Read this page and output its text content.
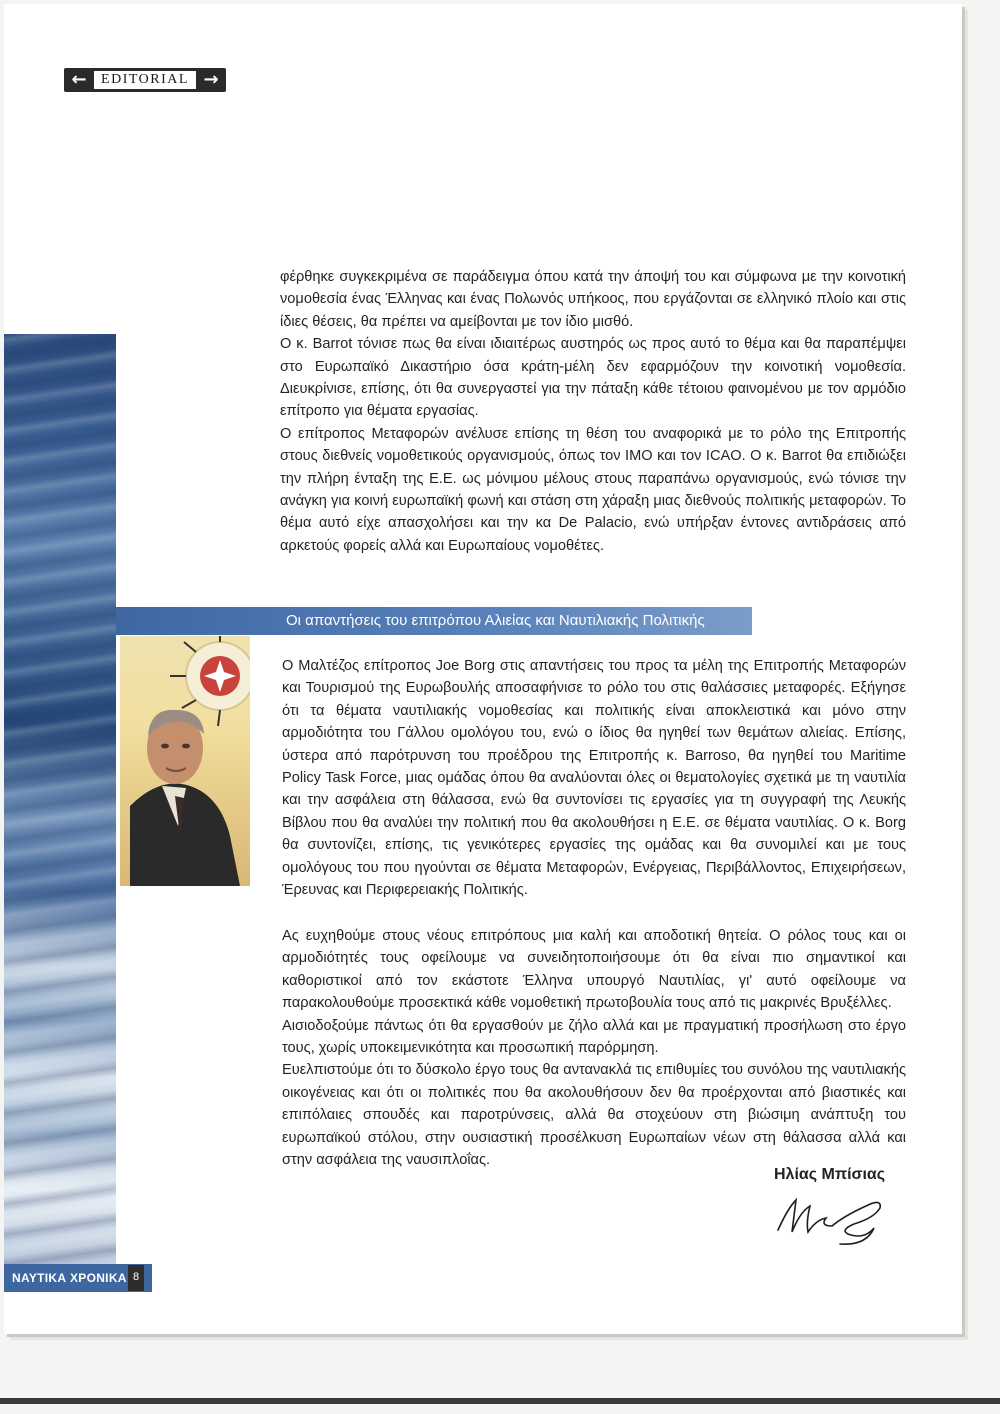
←	EDITORIAL →

φέρθηκε συγκεκριμένα σε παράδειγμα όπου κατά την άποψή του και σύμφωνα με την κοινοτική νομοθεσία ένας Έλληνας και ένας Πολωνός υπήκοος, που εργάζονται σε ελληνικό πλοίο και στις ίδιες θέσεις, θα πρέπει να αμείβονται με τον ίδιο μισθό.

Ο κ. Barrot τόνισε πως θα είναι ιδιαιτέρως αυστηρός ως προς αυτό το θέμα και θα παραπέμψει στο Ευρωπαϊκό Δικαστήριο όσα κράτη-μέλη δεν εφαρμόζουν την κοινοτική νομοθεσία. Διευκρίνισε, επίσης, ότι θα συνεργαστεί για την πάταξη κάθε τέτοιου φαινομένου με τον αρμόδιο επίτροπο για θέματα εργασίας.

Ο επίτροπος Μεταφορών ανέλυσε επίσης τη θέση του αναφορικά με το ρόλο της Επιτροπής στους διεθνείς νομοθετικούς οργανισμούς, όπως τον IMO και τον ICAO. Ο κ. Barrot θα επιδιώξει την πλήρη ένταξη της Ε.Ε. ως μόνιμου μέλους στους παραπάνω οργανισμούς, ενώ τόνισε την ανάγκη για κοινή ευρωπαϊκή φωνή και στάση στη χάραξη μιας διεθνούς πολιτικής μεταφορών. Το θέμα αυτό είχε απασχολήσει και την κα De Palacio, ενώ υπήρξαν έντονες αντιδράσεις από αρκετούς φορείς αλλά και Ευρωπαίους νομοθέτες.

Οι απαντήσεις του επιτρόπου Αλιείας και Ναυτιλιακής Πολιτικής

Ο Μαλτέζος επίτροπος Joe Borg στις απαντήσεις του προς τα μέλη της Επιτροπής Μεταφορών και Τουρισμού της Ευρωβουλής αποσαφήνισε το ρόλο του στις θαλάσσιες μεταφορές. Εξήγησε ότι τα θέματα ναυτιλιακής νομοθεσίας και πολιτικής είναι αποκλειστικά και μόνο στην αρμοδιότητα του Γάλλου ομολόγου του, ενώ ο ίδιος θα ηγηθεί των θεμάτων αλιείας. Επίσης, ύστερα από παρότρυνση του προέδρου της Επιτροπής κ. Barroso, θα ηγηθεί του Maritime Policy Task Force, μιας ομάδας όπου θα αναλύονται όλες οι θεματολογίες σχετικά με τη ναυτιλία και την ασφάλεια στη θάλασσα, ενώ θα συντονίσει τις εργασίες για τη συγγραφή της Λευκής Βίβλου που θα αναλύει την πολιτική που θα ακολουθήσει η Ε.Ε. σε θέματα ναυτιλίας. Ο κ. Borg θα συντονίζει, επίσης, τις γενικότερες εργασίες της ομάδας και θα συνομιλεί και με τους ομολόγους του που ηγούνται σε θέματα Μεταφορών, Ενέργειας, Περιβάλλοντος, Επιχειρήσεων, Έρευνας και Περιφερειακής Πολιτικής.

Ας ευχηθούμε στους νέους επιτρόπους μια καλή και αποδοτική θητεία. Ο ρόλος τους και οι αρμοδιότητές τους οφείλουμε να συνειδητοποιήσουμε ότι θα είναι πιο σημαντικοί και καθοριστικοί από τον εκάστοτε Έλληνα υπουργό Ναυτιλίας, γι' αυτό οφείλουμε να παρακολουθούμε προσεκτικά κάθε νομοθετική πρωτοβουλία τους από τις μακρινές Βρυξέλλες.

Αισιοδοξούμε πάντως ότι θα εργασθούν με ζήλο αλλά και με πραγματική προσήλωση στο έργο τους, χωρίς υποκειμενικότητα και προσωπική παρόρμηση.

Ευελπιστούμε ότι το δύσκολο έργο τους θα αντανακλά τις επιθυμίες του συνόλου της ναυτιλιακής οικογένειας και ότι οι πολιτικές που θα ακολουθήσουν δεν θα προέρχονται από βιαστικές και επιπόλαιες σπουδές και παροτρύνσεις, αλλά θα στοχεύουν στη βιώσιμη ανάπτυξη του ευρωπαϊκού στόλου, στην ουσιαστική προσέλκυση Ευρωπαίων νέων στη θάλασσα αλλά και στην ασφάλεια της ναυσιπλοΐας.

Ηλίας Μπίσιας
ΝΑΥΤΙΚΑ ΧΡΟΝΙΚΑ 8
